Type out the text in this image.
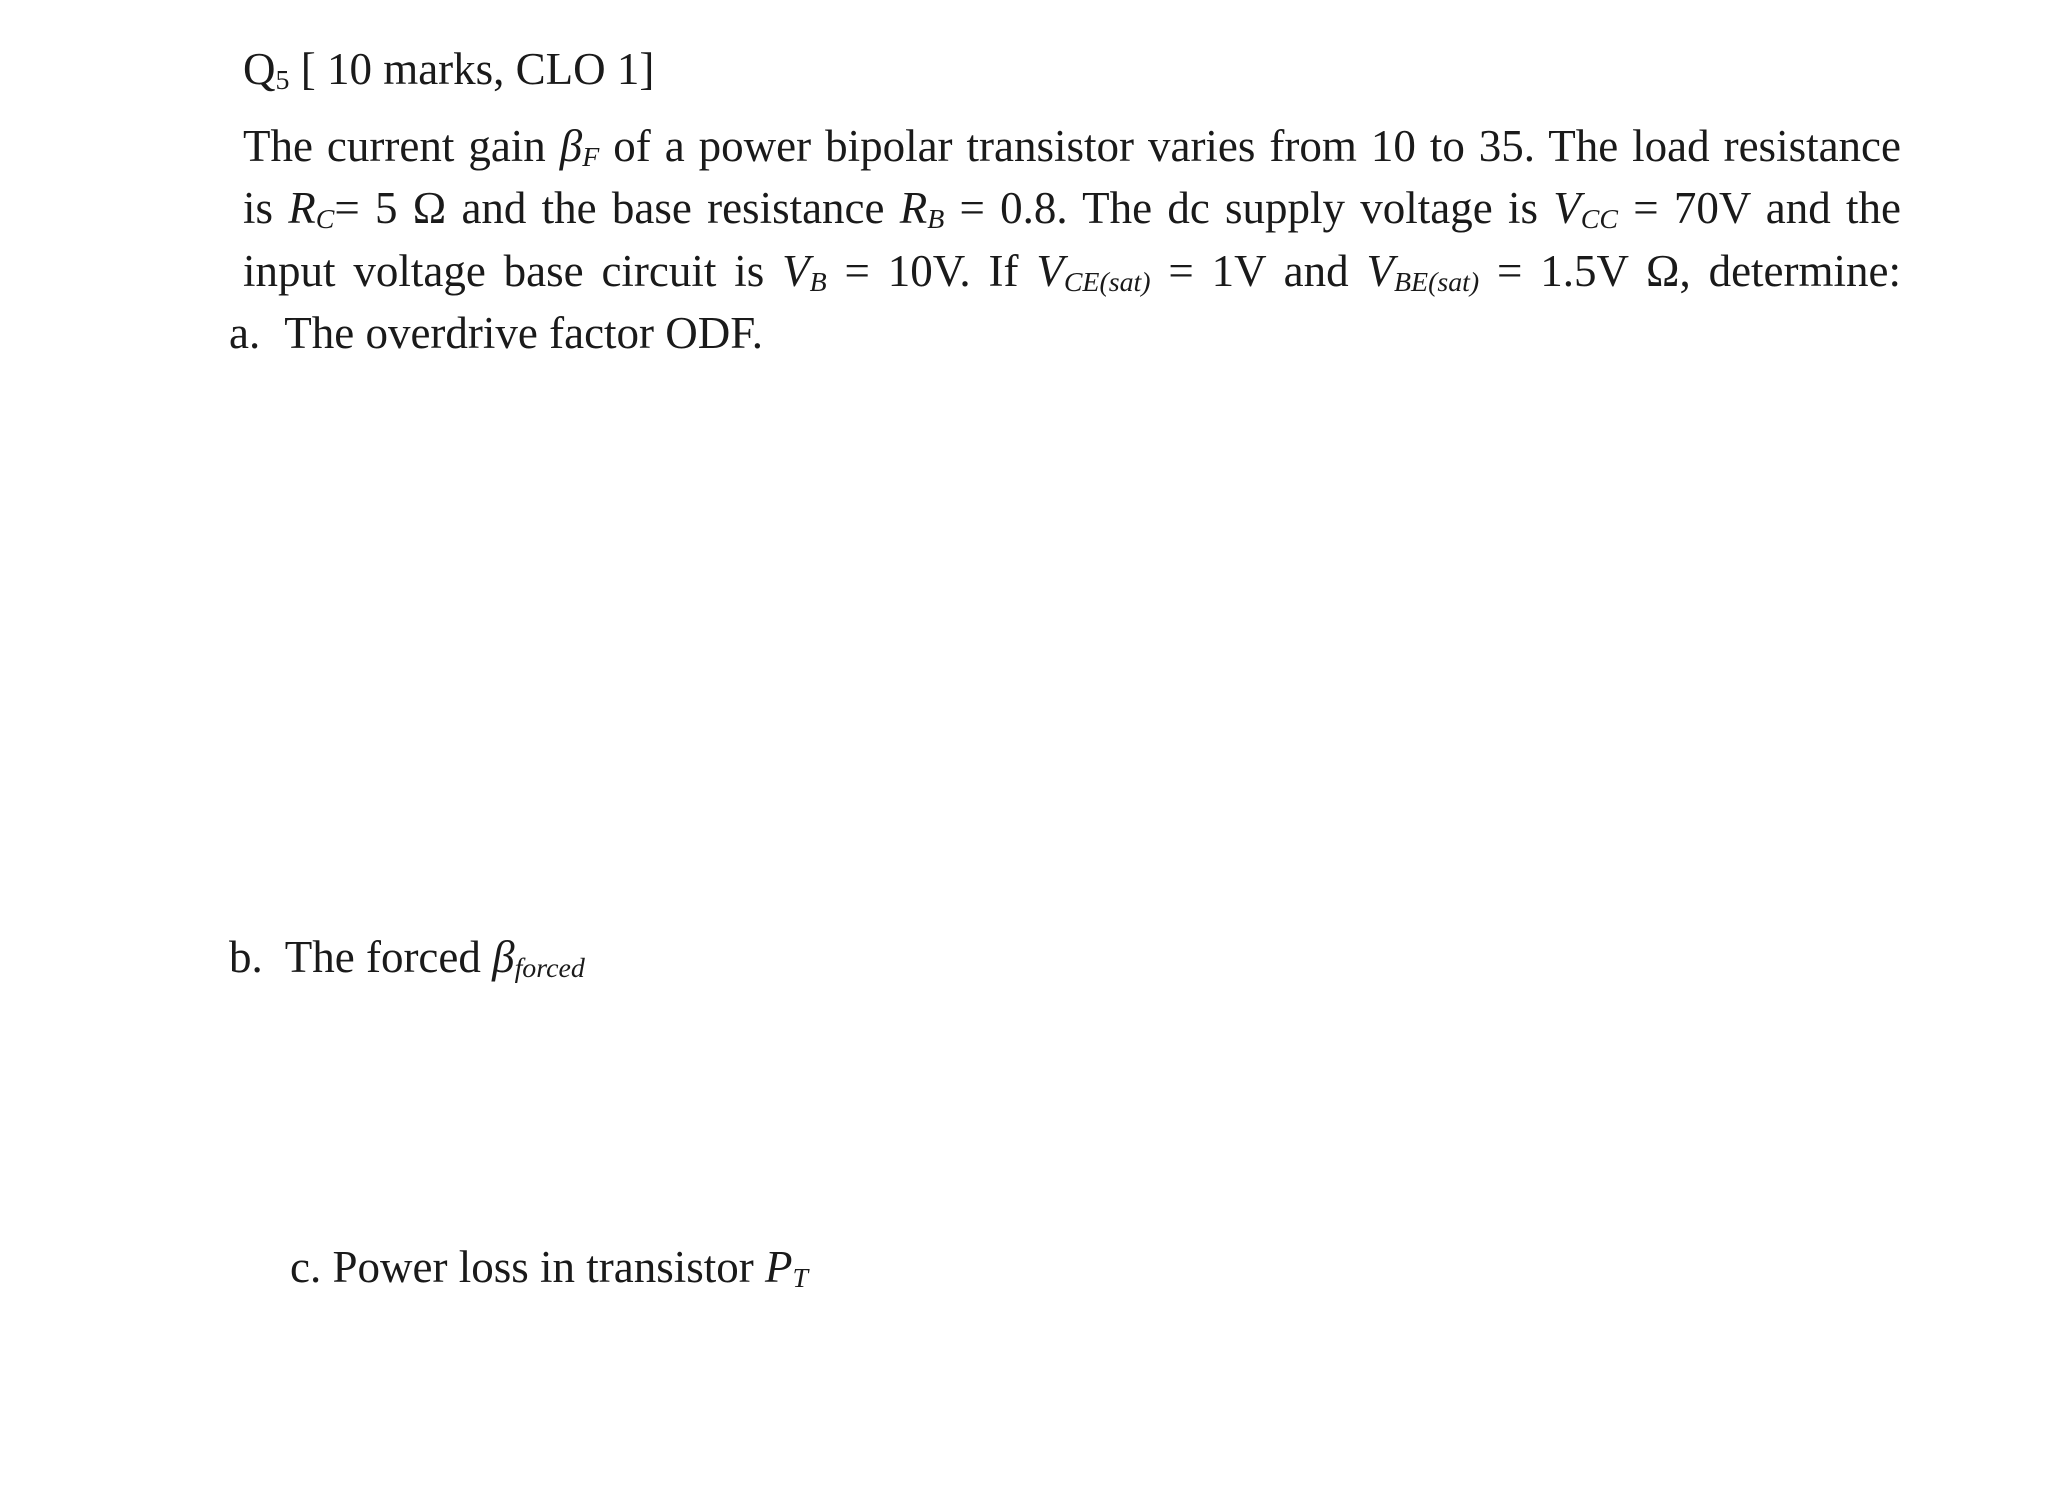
Q5 [ 10 marks, CLO 1]
The current gain βF of a power bipolar transistor varies from 10 to 35. The load resistance
is RC= 5 Ω and the base resistance RB = 0.8. The dc supply voltage is VCC = 70V and the
input voltage base circuit is VB = 10V. If VCE(sat) = 1V and VBE(sat) = 1.5V Ω, determine:
a. The overdrive factor ODF.
b. The forced βforced
c. Power loss in transistor PT
